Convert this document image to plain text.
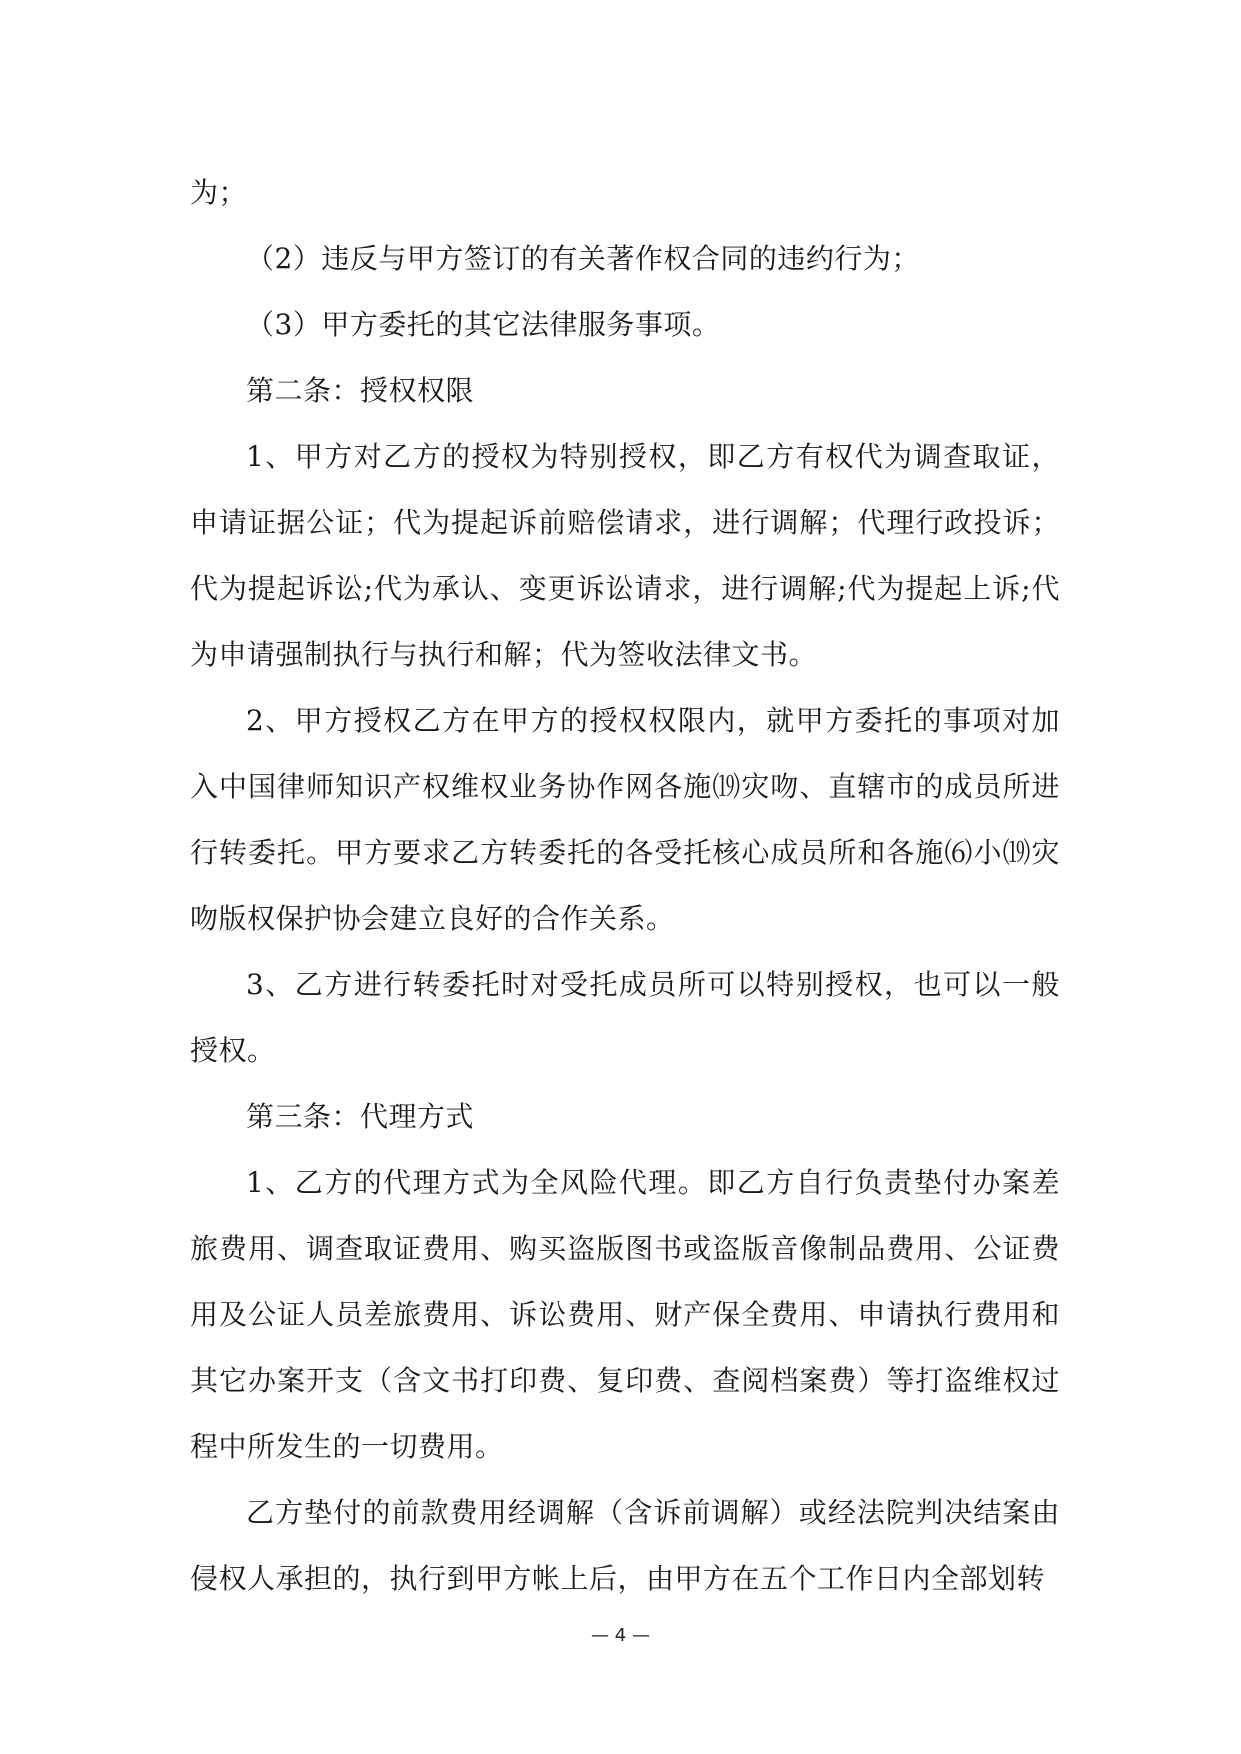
为；

（2）违反与甲方签订的有关著作权合同的违约行为；

（3）甲方委托的其它法律服务事项。

第二条：授权权限

1、甲方对乙方的授权为特别授权，即乙方有权代为调查取证，申请证据公证；代为提起诉前赔偿请求，进行调解；代理行政投诉；代为提起诉讼;代为承认、变更诉讼请求，进行调解;代为提起上诉;代为申请强制执行与执行和解；代为签收法律文书。

2、甲方授权乙方在甲方的授权权限内，就甲方委托的事项对加入中国律师知识产权维权业务协作网各施⒆灾吻、直辖市的成员所进行转委托。甲方要求乙方转委托的各受托核心成员所和各施⑹小⒆灾吻版权保护协会建立良好的合作关系。

3、乙方进行转委托时对受托成员所可以特别授权，也可以一般授权。

第三条：代理方式

1、乙方的代理方式为全风险代理。即乙方自行负责垫付办案差旅费用、调查取证费用、购买盗版图书或盗版音像制品费用、公证费用及公证人员差旅费用、诉讼费用、财产保全费用、申请执行费用和其它办案开支（含文书打印费、复印费、查阅档案费）等打盗维权过程中所发生的一切费用。

乙方垫付的前款费用经调解（含诉前调解）或经法院判决结案由侵权人承担的，执行到甲方帐上后，由甲方在五个工作日内全部划转

— 4 —
